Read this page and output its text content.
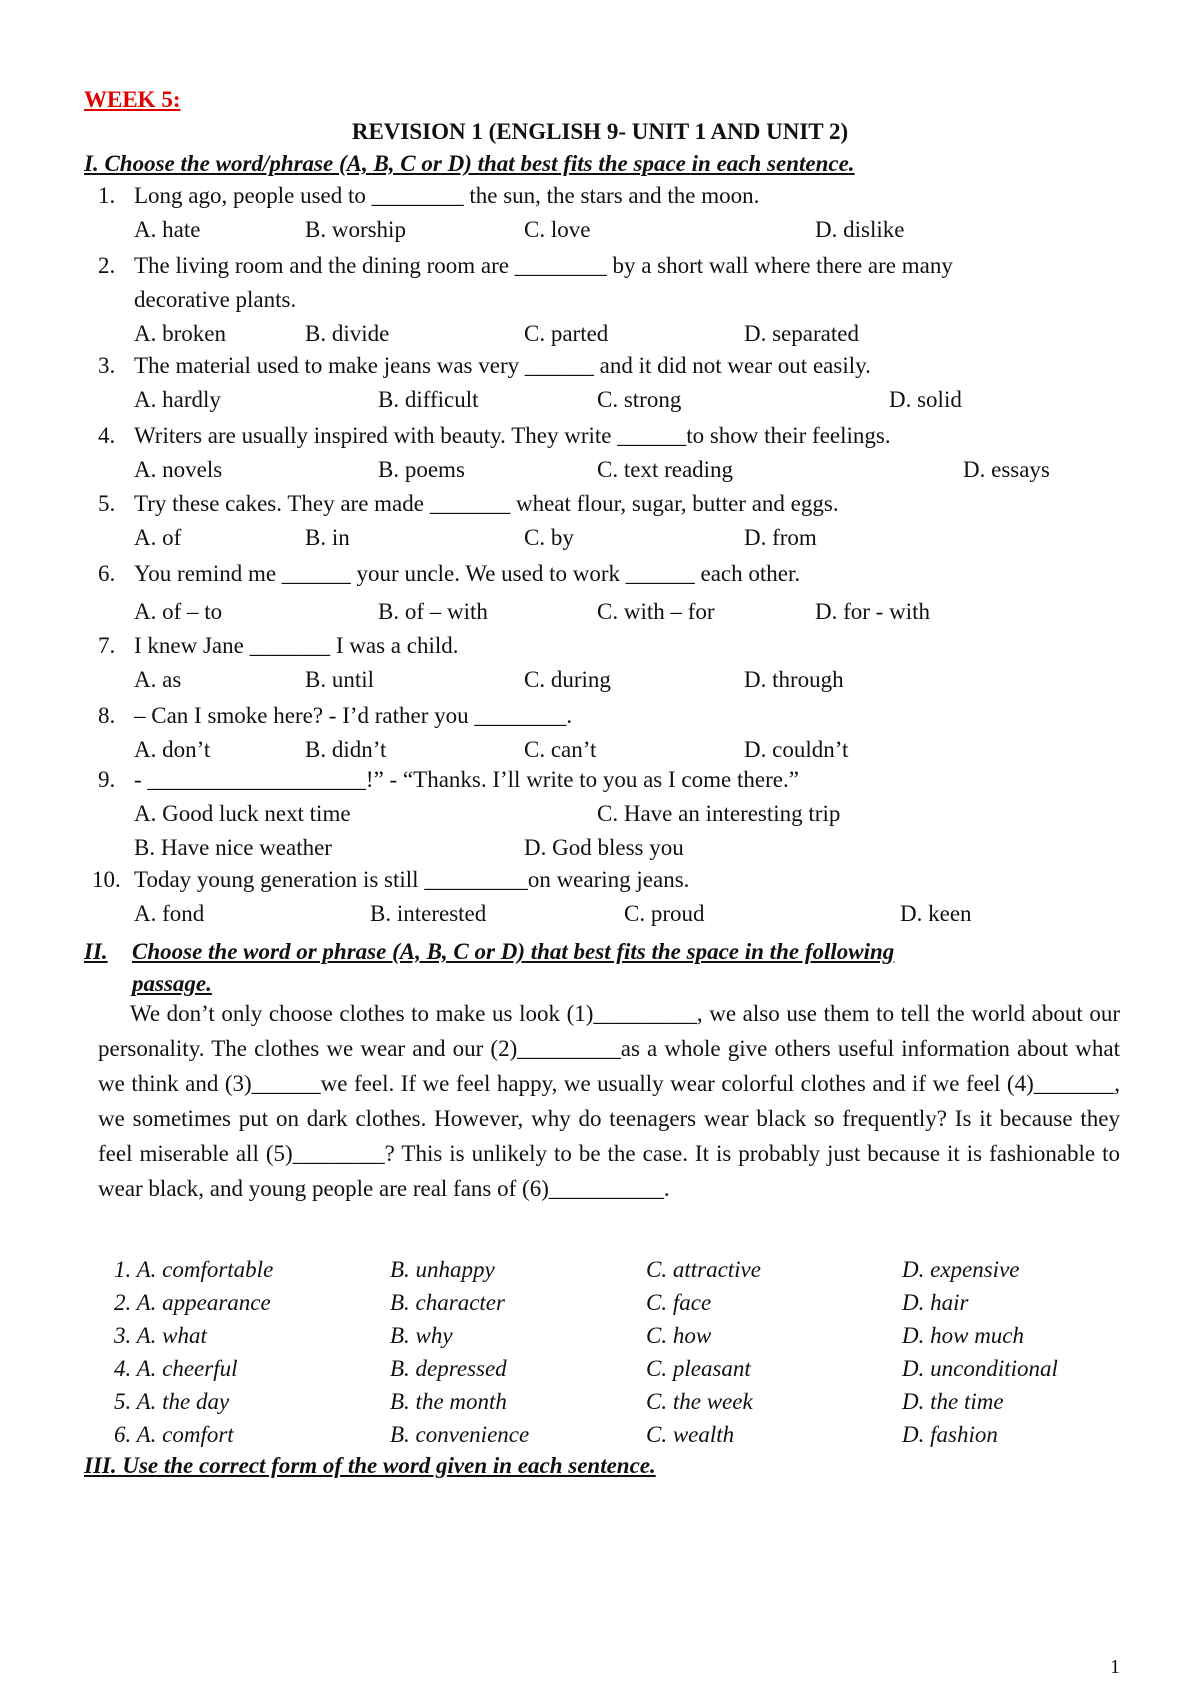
WEEK 5:
REVISION 1 (ENGLISH 9- UNIT 1 AND UNIT 2)
I. Choose the word/phrase (A, B, C or D) that best fits the space in each sentence.
1. Long ago, people used to ________ the sun, the stars and the moon.
A. hate	B. worship	C. love	D. dislike
2. The living room and the dining room are ________ by a short wall where there are many
decorative plants.
A. broken	B. divide	C. parted	D. separated
3. The material used to make jeans was very ______ and it did not wear out easily.
A. hardly	B. difficult	C. strong	D. solid
4. Writers are usually inspired with beauty. They write ______to show their feelings.
A. novels	B. poems	C. text reading	D. essays
5. Try these cakes. They are made _______ wheat flour, sugar, butter and eggs.
A. of	B. in	C. by	D. from
6. You remind me ______ your uncle. We used to work ______ each other.
A. of – to	B. of – with	C. with – for	D. for - with
7. I knew Jane _______ I was a child.
A. as	B. until	C. during	D. through
8. – Can I smoke here? - I’d rather you ________.
A. don’t	B. didn’t	C. can’t	D. couldn’t
9. - ___________________!” - “Thanks. I’ll write to you as I come there.”
A. Good luck next time	C. Have an interesting trip
B. Have nice weather	D. God bless you
10. Today young generation is still _________on wearing jeans.
A. fond	B. interested	C. proud	D. keen
II. Choose the word or phrase (A, B, C or D) that best fits the space in the following
passage.

We don’t only choose clothes to make us look (1)_________, we also use them to tell the world about our personality. The clothes we wear and our (2)_________as a whole give others useful information about what we think and (3)______we feel. If we feel happy, we usually wear colorful clothes and if we feel (4)_______, we sometimes put on dark clothes. However, why do teenagers wear black so frequently? Is it because they feel miserable all (5)________? This is unlikely to be the case. It is probably just because it is fashionable to wear black, and young people are real fans of (6)__________.

1. A. comfortable	B. unhappy	C. attractive	D. expensive
2. A. appearance	B. character	C. face	D. hair
3. A. what	B. why	C. how	D. how much
4. A. cheerful	B. depressed	C. pleasant	D. unconditional
5. A. the day	B. the month	C. the week	D. the time
6. A. comfort	B. convenience	C. wealth	D. fashion
III. Use the correct form of the word given in each sentence.
1
